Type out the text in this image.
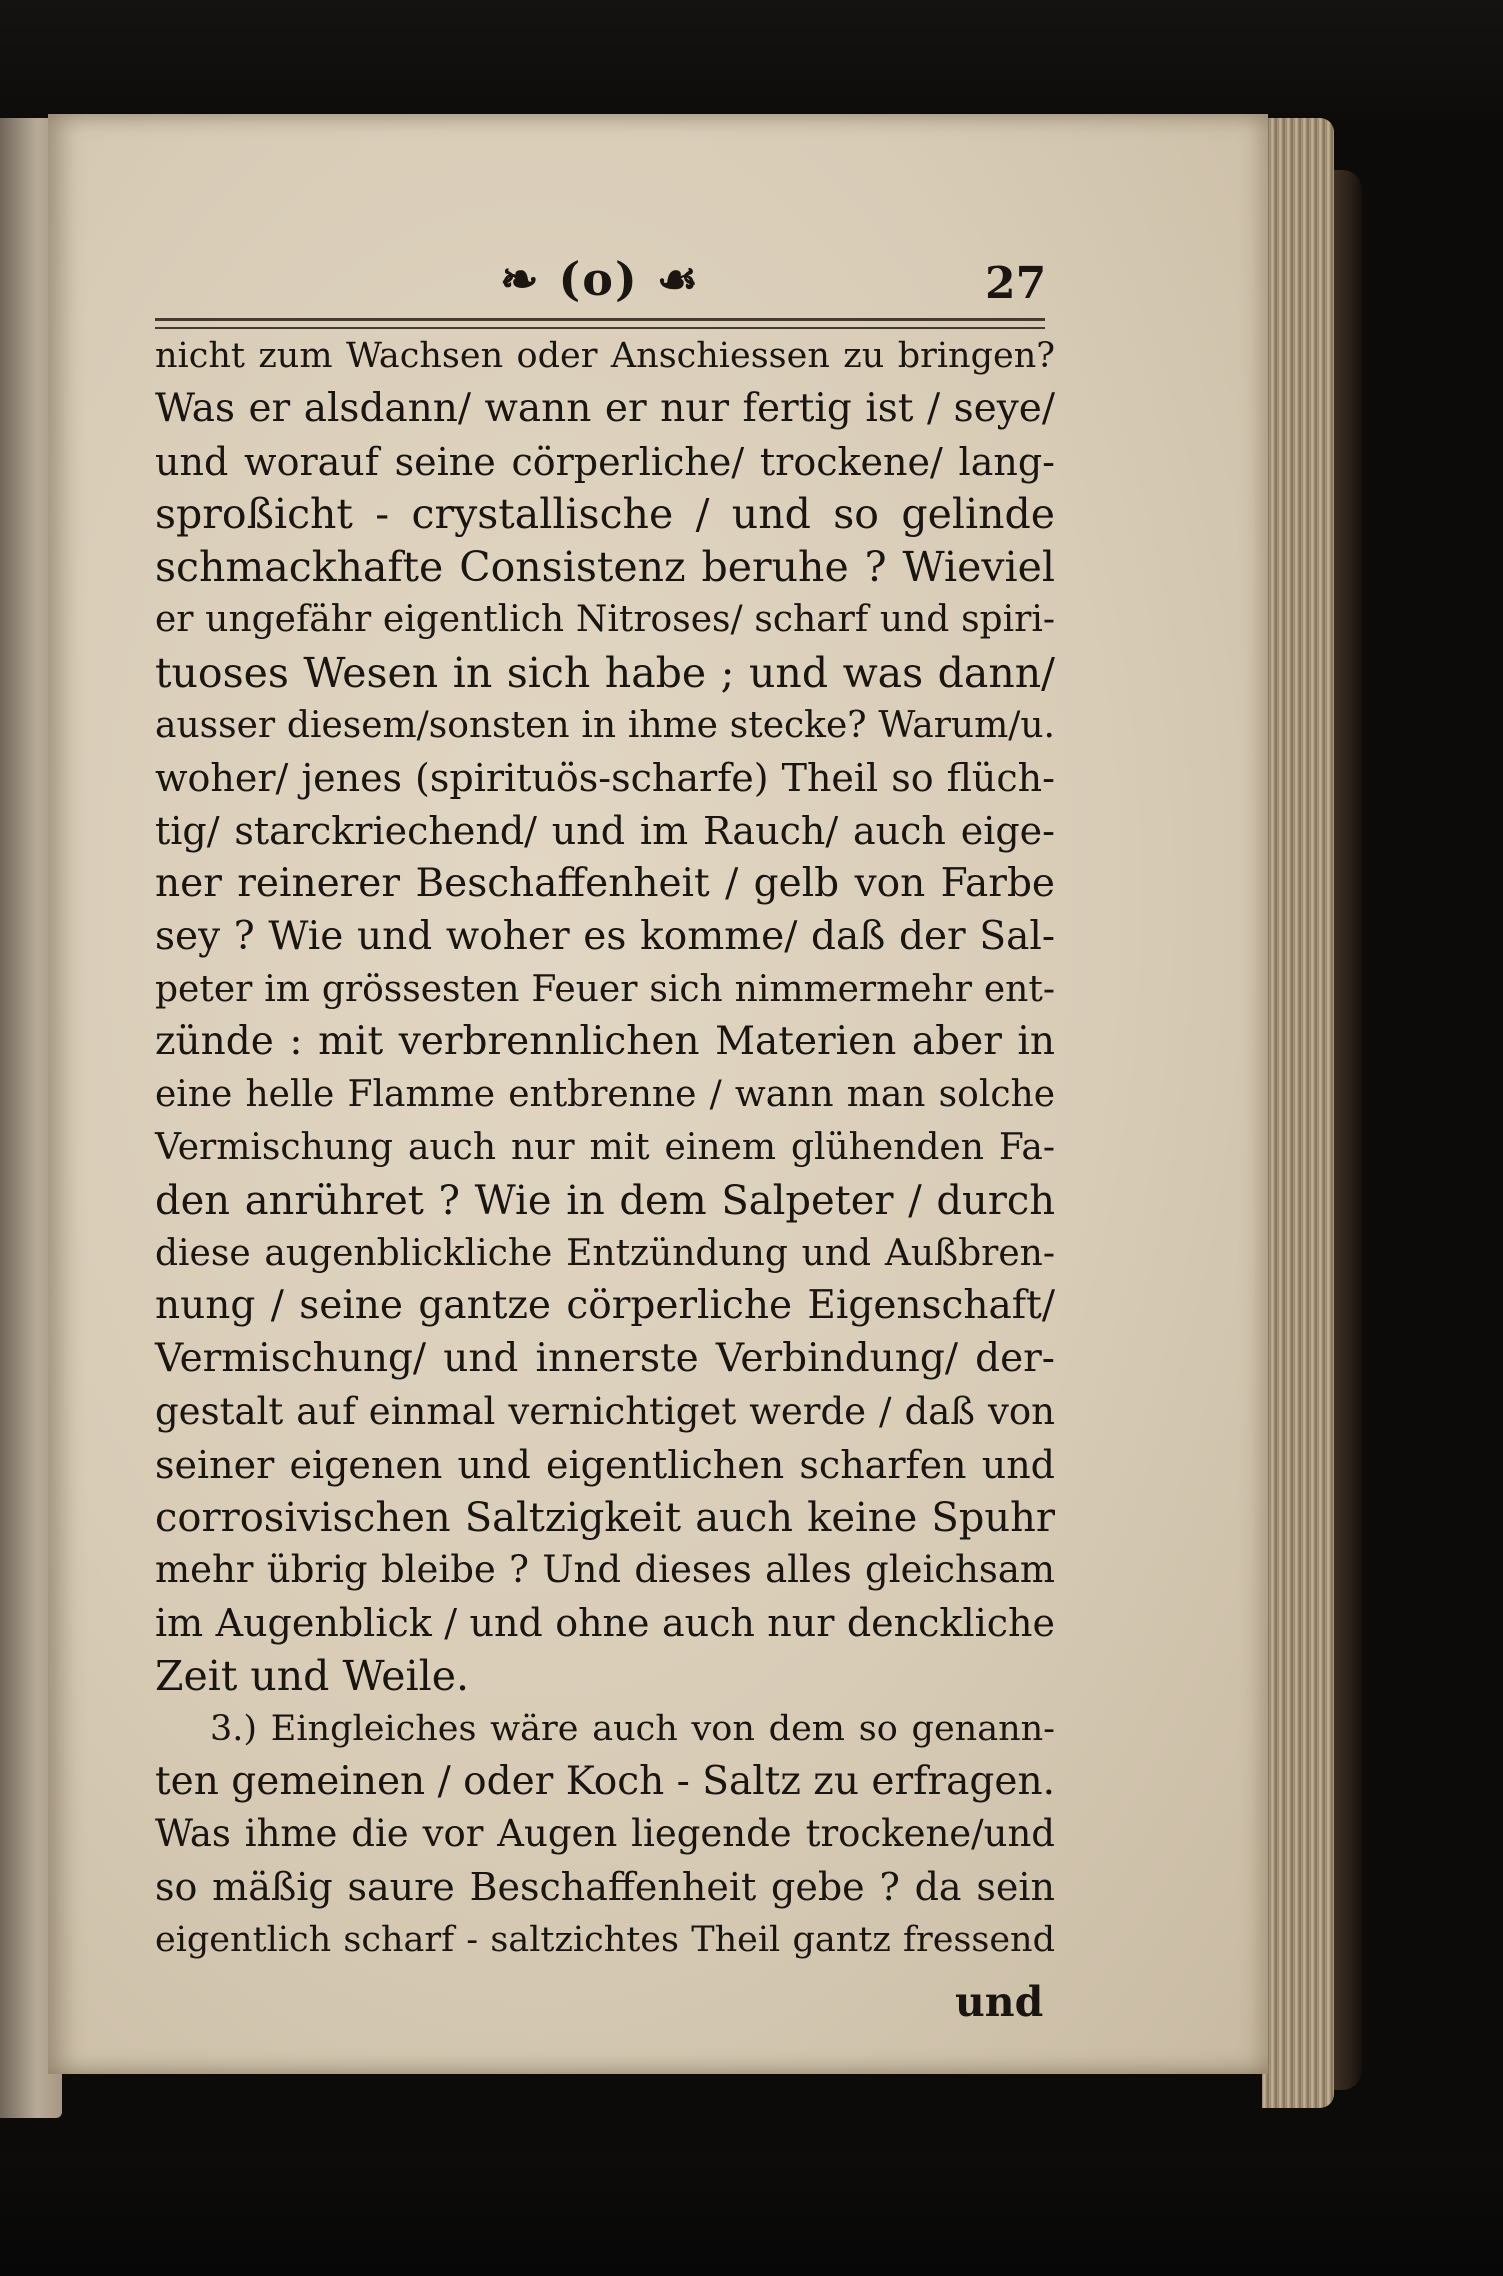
❧ (o) ☙	27
nicht zum Wachsen oder Anschiessen zu bringen?
Was er alsdann/ wann er nur fertig ist / seye/
und worauf seine cörperliche/ trockene/ lang-
sproßicht - crystallische / und so gelinde
schmackhafte Consistenz beruhe ? Wieviel
er ungefähr eigentlich Nitroses/ scharf und spiri-
tuoses Wesen in sich habe ; und was dann/
ausser diesem/sonsten in ihme stecke? Warum/u.
woher/ jenes (spirituös-scharfe) Theil so flüch-
tig/ starckriechend/ und im Rauch/ auch eige-
ner reinerer Beschaffenheit / gelb von Farbe
sey ? Wie und woher es komme/ daß der Sal-
peter im grössesten Feuer sich nimmermehr ent-
zünde : mit verbrennlichen Materien aber in
eine helle Flamme entbrenne / wann man solche
Vermischung auch nur mit einem glühenden Fa-
den anrühret ? Wie in dem Salpeter / durch
diese augenblickliche Entzündung und Außbren-
nung / seine gantze cörperliche Eigenschaft/
Vermischung/ und innerste Verbindung/ der-
gestalt auf einmal vernichtiget werde / daß von
seiner eigenen und eigentlichen scharfen und
corrosivischen Saltzigkeit auch keine Spuhr
mehr übrig bleibe ? Und dieses alles gleichsam
im Augenblick / und ohne auch nur denckliche
Zeit und Weile.
3.) Eingleiches wäre auch von dem so genann-
ten gemeinen / oder Koch - Saltz zu erfragen.
Was ihme die vor Augen liegende trockene/und
so mäßig saure Beschaffenheit gebe ? da sein
eigentlich scharf - saltzichtes Theil gantz fressend
und
